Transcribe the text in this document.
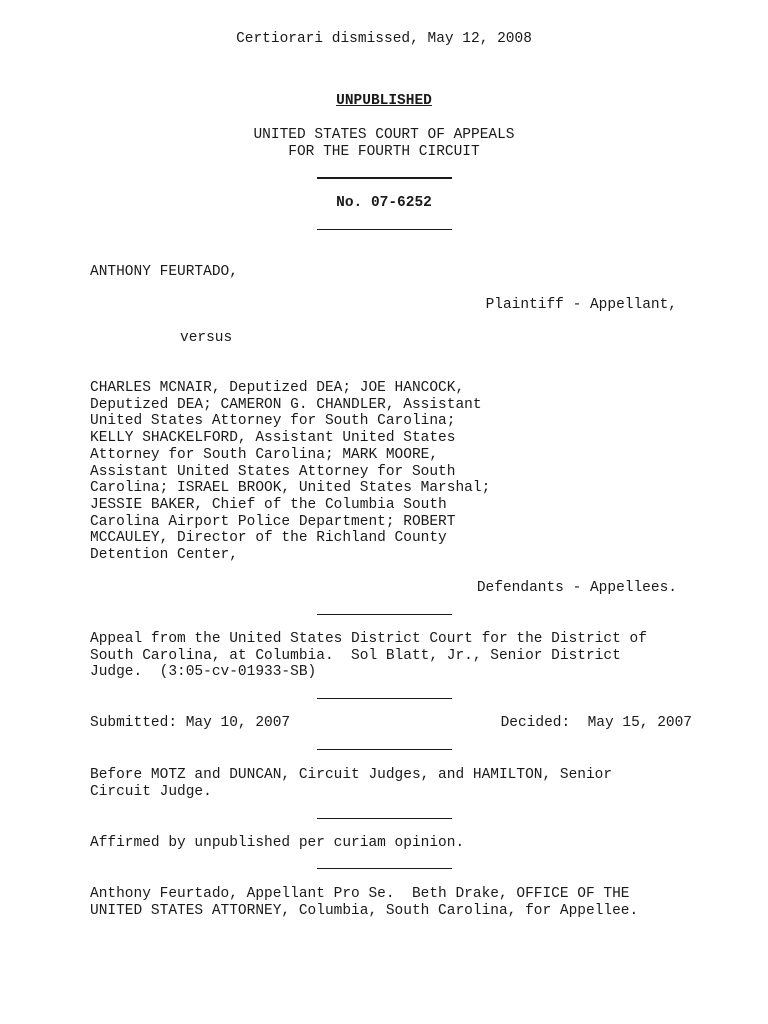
Certiorari dismissed, May 12, 2008
UNPUBLISHED
UNITED STATES COURT OF APPEALS
FOR THE FOURTH CIRCUIT
No. 07-6252
ANTHONY FEURTADO,
Plaintiff - Appellant,
versus
CHARLES MCNAIR, Deputized DEA; JOE HANCOCK,
Deputized DEA; CAMERON G. CHANDLER, Assistant
United States Attorney for South Carolina;
KELLY SHACKELFORD, Assistant United States
Attorney for South Carolina; MARK MOORE,
Assistant United States Attorney for South
Carolina; ISRAEL BROOK, United States Marshal;
JESSIE BAKER, Chief of the Columbia South
Carolina Airport Police Department; ROBERT
MCCAULEY, Director of the Richland County
Detention Center,
Defendants - Appellees.
Appeal from the United States District Court for the District of
South Carolina, at Columbia.  Sol Blatt, Jr., Senior District
Judge.  (3:05-cv-01933-SB)
Submitted: May 10, 2007	Decided:  May 15, 2007
Before MOTZ and DUNCAN, Circuit Judges, and HAMILTON, Senior
Circuit Judge.
Affirmed by unpublished per curiam opinion.
Anthony Feurtado, Appellant Pro Se.  Beth Drake, OFFICE OF THE
UNITED STATES ATTORNEY, Columbia, South Carolina, for Appellee.
